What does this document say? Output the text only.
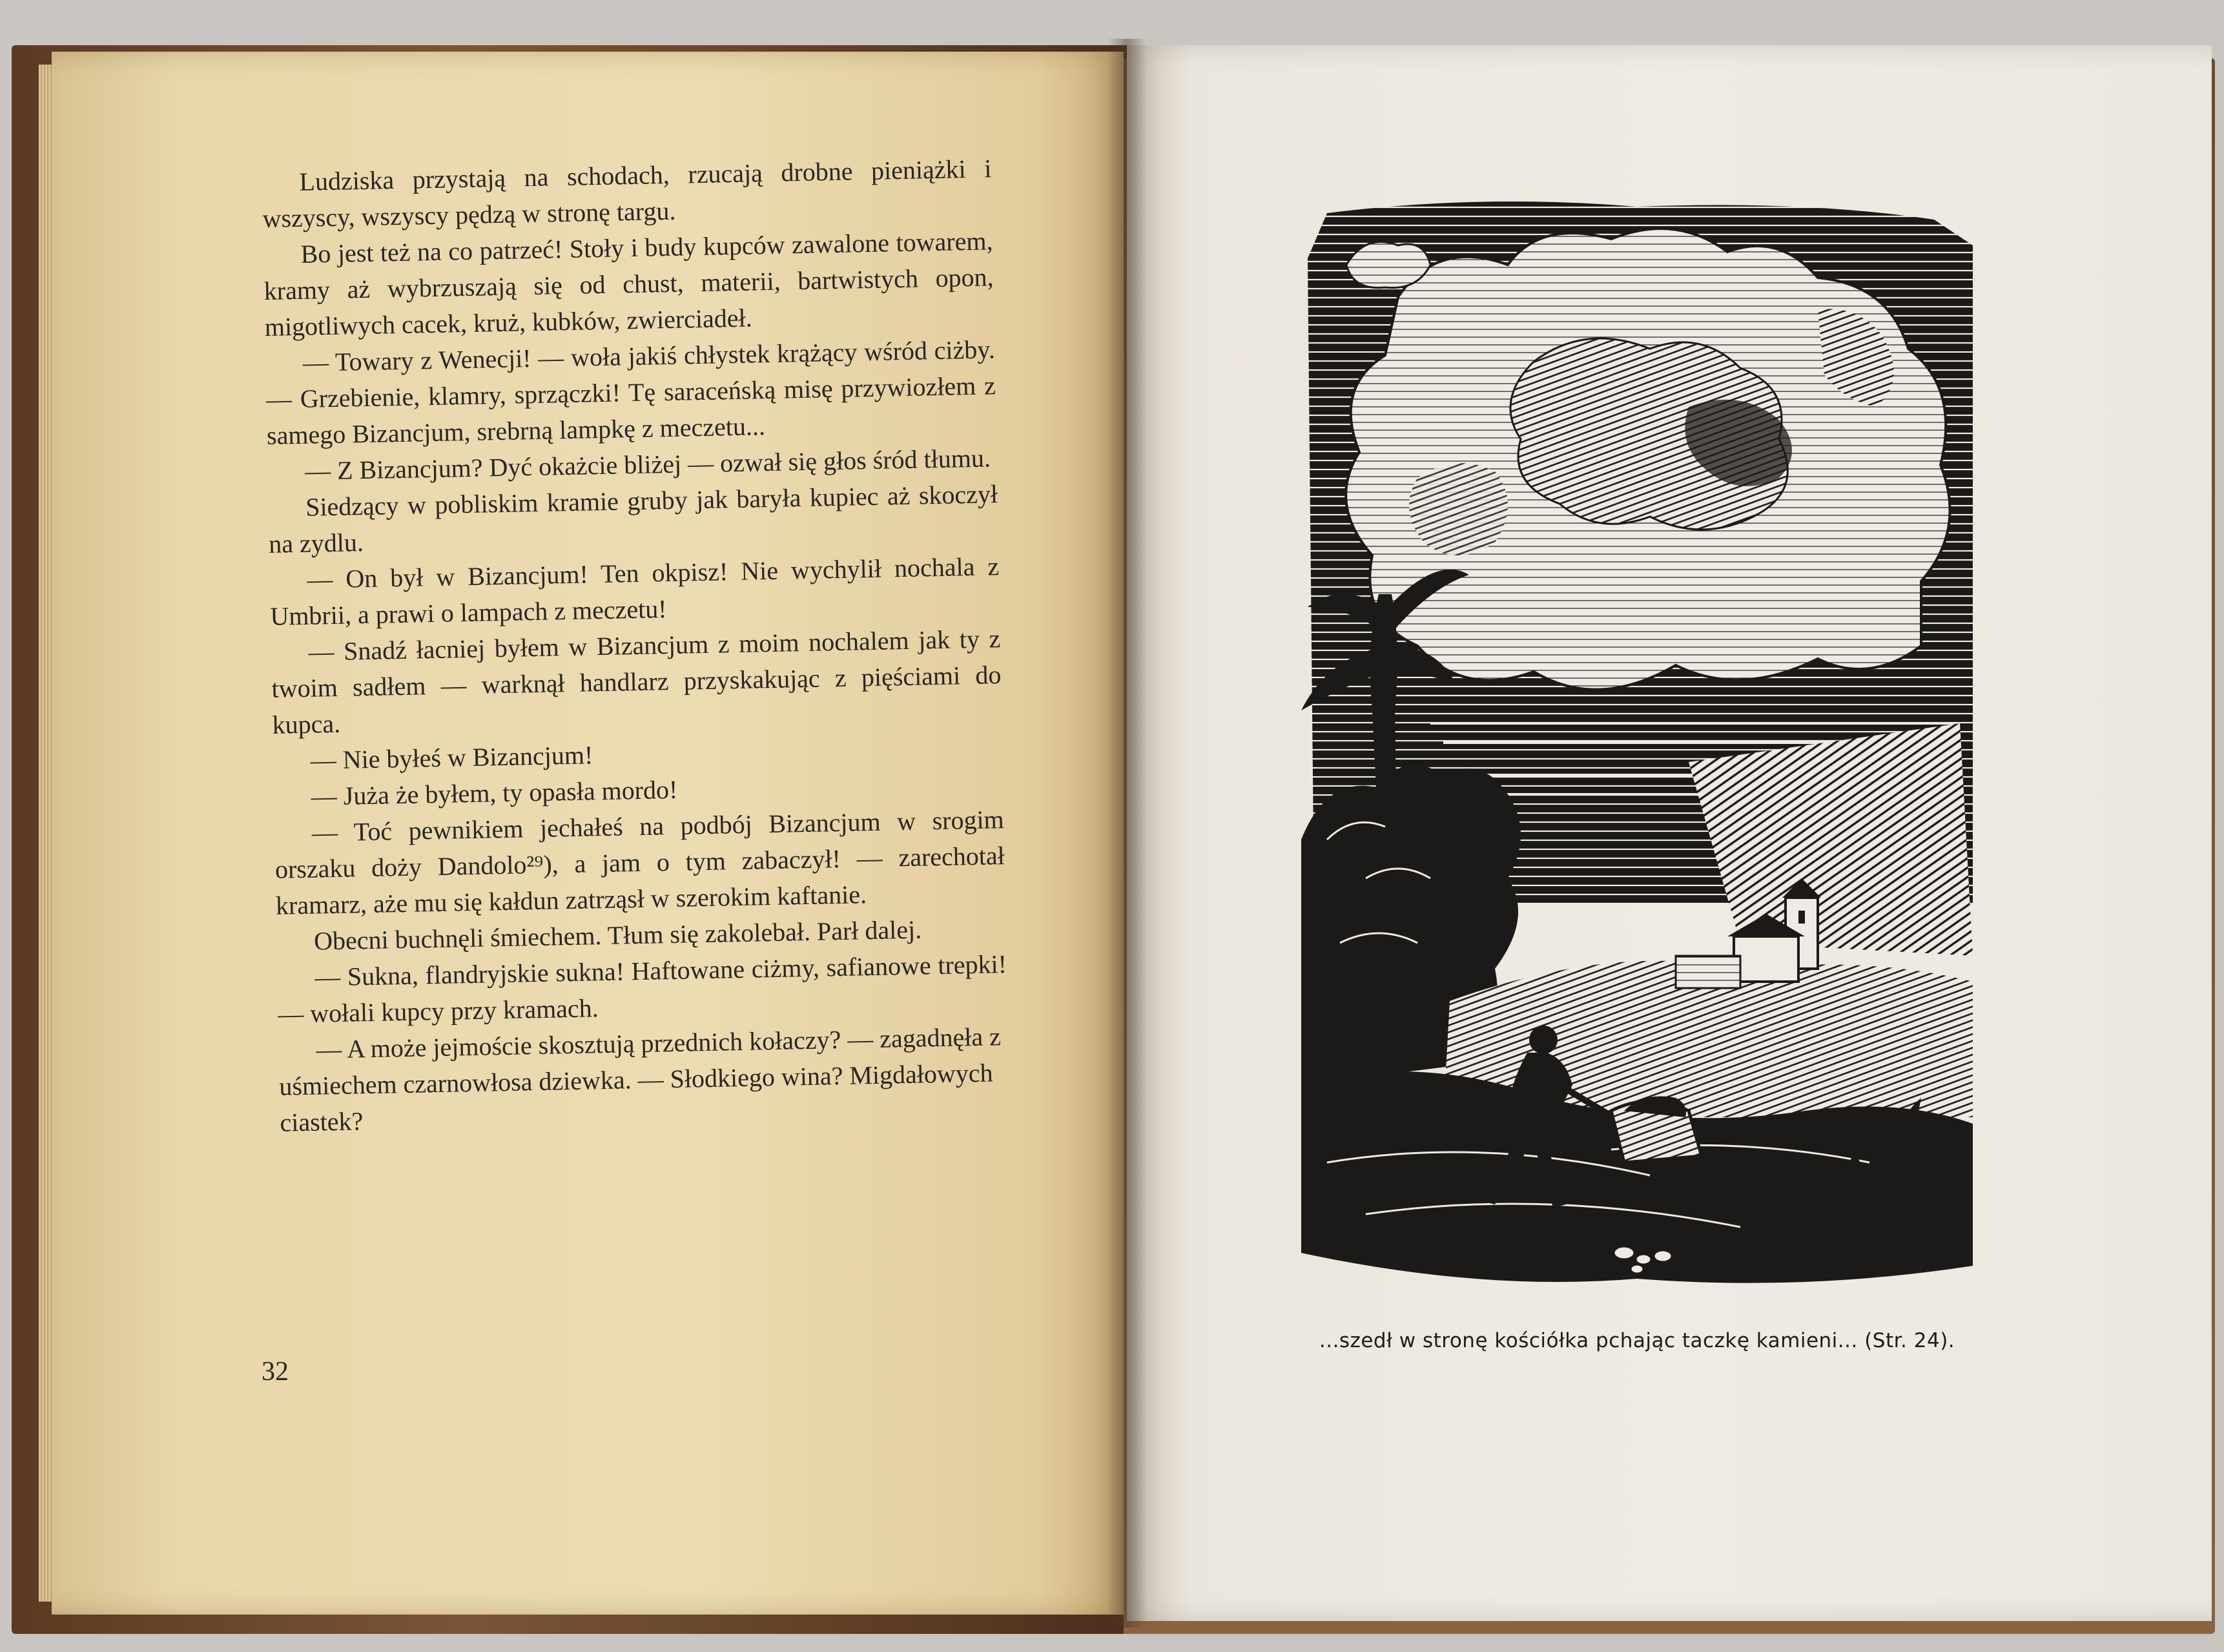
Ludziska przystają na schodach, rzucają drobne pieniążki i wszyscy, wszyscy pędzą w stronę targu.

Bo jest też na co patrzeć! Stoły i budy kupców zawalone towarem, kramy aż wybrzuszają się od chust, materii, bartwistych opon, migotliwych cacek, kruż, kubków, zwierciadeł.

— Towary z Wenecji! — woła jakiś chłystek krążący wśród ciżby. — Grzebienie, klamry, sprzączki! Tę saraceńską misę przywiozłem z samego Bizancjum, srebrną lampkę z meczetu...

— Z Bizancjum? Dyć okażcie bliżej — ozwał się głos śród tłumu.

Siedzący w pobliskim kramie gruby jak baryła kupiec aż skoczył na zydlu.

— On był w Bizancjum! Ten okpisz! Nie wychylił nochala z Umbrii, a prawi o lampach z meczetu!

— Snadź łacniej byłem w Bizancjum z moim nochalem jak ty z twoim sadłem — warknął handlarz przyskakując z pięściami do kupca.

— Nie byłeś w Bizancjum!

— Juża że byłem, ty opasła mordo!

— Toć pewnikiem jechałeś na podbój Bizancjum w srogim orszaku doży Dandolo²⁹), a jam o tym zabaczył! — zarechotał kramarz, aże mu się kałdun zatrząsł w szerokim kaftanie.

Obecni buchnęli śmiechem. Tłum się zakolebał. Parł dalej.

— Sukna, flandryjskie sukna! Haftowane ciżmy, safianowe trepki! — wołali kupcy przy kramach.

— A może jejmoście skosztują przednich kołaczy? — zagadnęła z uśmiechem czarnowłosa dziewka. — Słodkiego wina? Migdałowych ciastek?

32
...szedł w stronę kościółka pchając taczkę kamieni... (Str. 24).
